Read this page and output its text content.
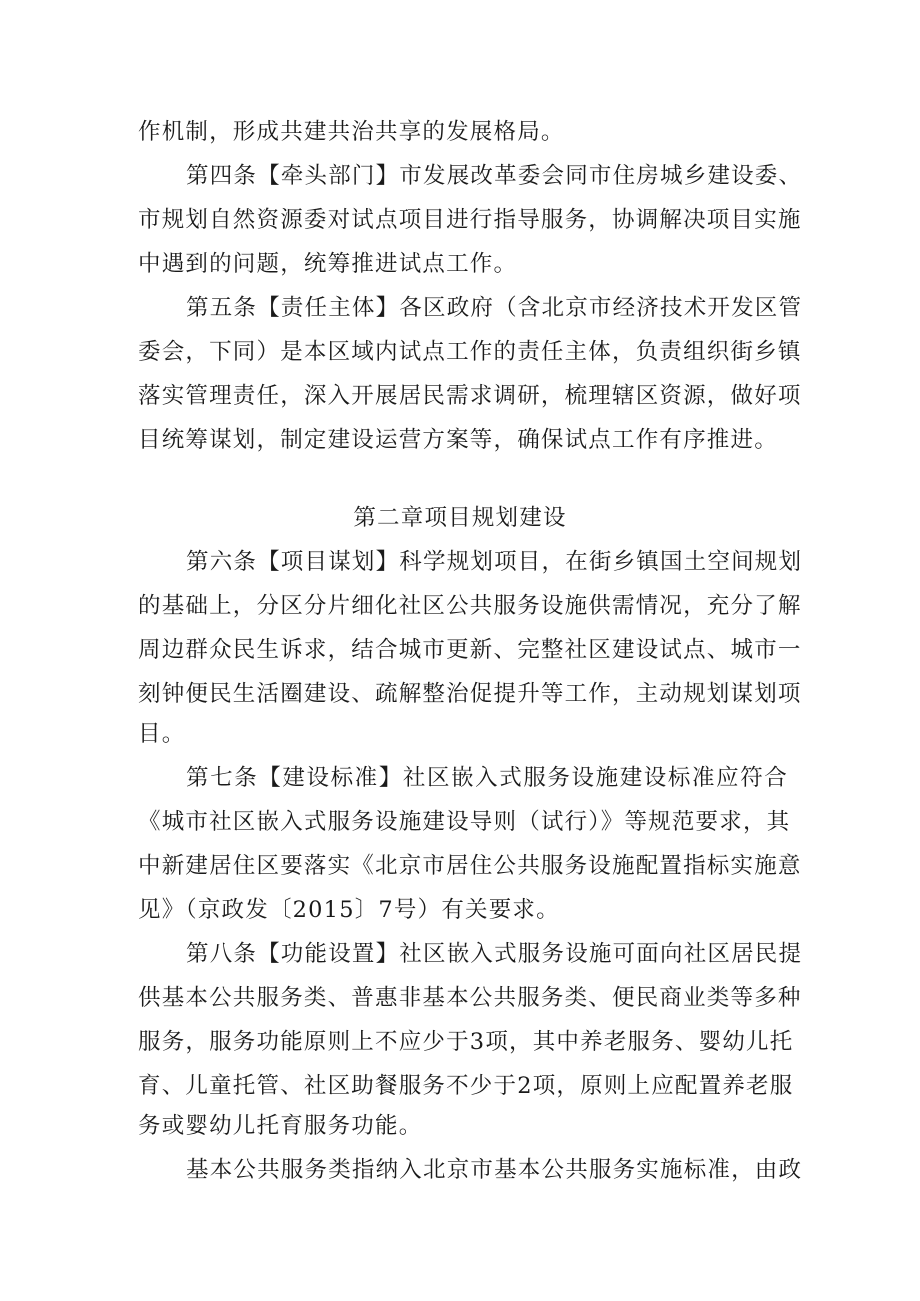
作机制，形成共建共治共享的发展格局。
第四条【牵头部门】市发展改革委会同市住房城乡建设委、
市规划自然资源委对试点项目进行指导服务，协调解决项目实施
中遇到的问题，统筹推进试点工作。
第五条【责任主体】各区政府（含北京市经济技术开发区管
委会，下同）是本区域内试点工作的责任主体，负责组织街乡镇
落实管理责任，深入开展居民需求调研，梳理辖区资源，做好项
目统筹谋划，制定建设运营方案等，确保试点工作有序推进。
第二章项目规划建设
第六条【项目谋划】科学规划项目，在街乡镇国土空间规划
的基础上，分区分片细化社区公共服务设施供需情况，充分了解
周边群众民生诉求，结合城市更新、完整社区建设试点、城市一
刻钟便民生活圈建设、疏解整治促提升等工作，主动规划谋划项
目。
第七条【建设标准】社区嵌入式服务设施建设标准应符合
《城市社区嵌入式服务设施建设导则（试行）》等规范要求，其
中新建居住区要落实《北京市居住公共服务设施配置指标实施意
见》（京政发〔2015〕7号）有关要求。
第八条【功能设置】社区嵌入式服务设施可面向社区居民提
供基本公共服务类、普惠非基本公共服务类、便民商业类等多种
服务，服务功能原则上不应少于3项，其中养老服务、婴幼儿托
育、儿童托管、社区助餐服务不少于2项，原则上应配置养老服
务或婴幼儿托育服务功能。
基本公共服务类指纳入北京市基本公共服务实施标准，由政
